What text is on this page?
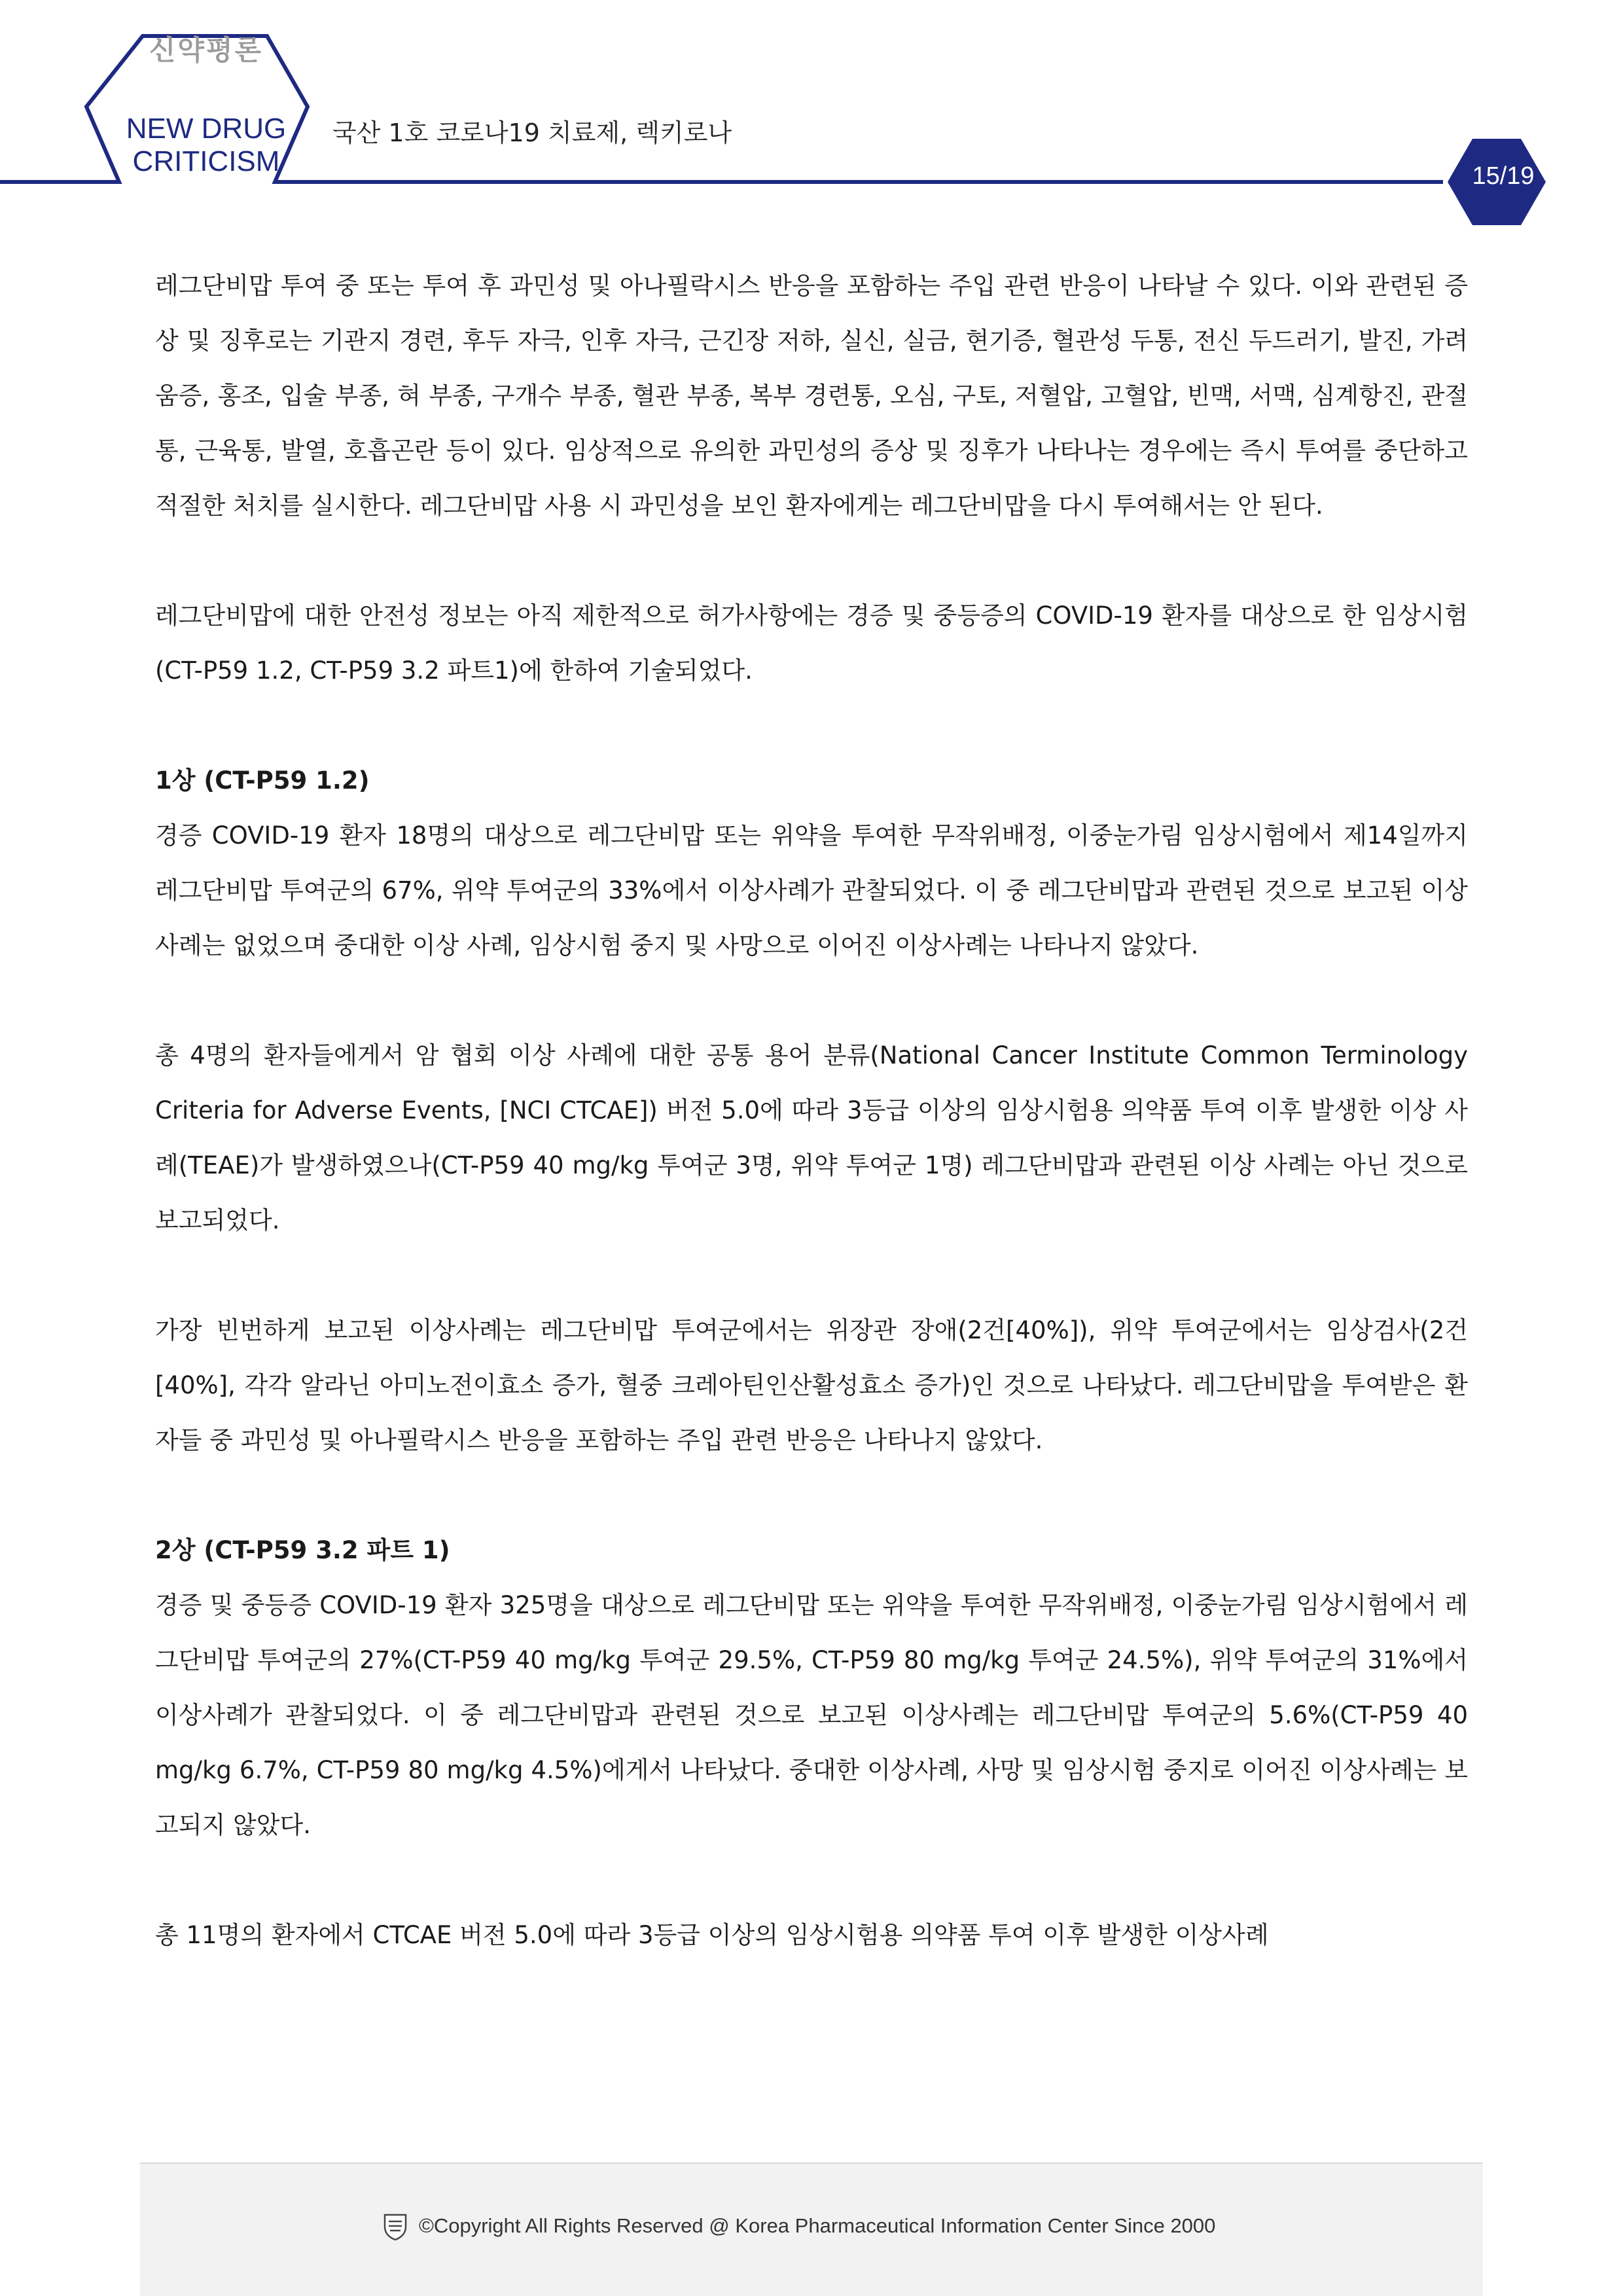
신약평론
NEW DRUG
CRITICISM
국산 1호 코로나19 치료제, 렉키로나
15/19

레그단비맙 투여 중 또는 투여 후 과민성 및 아나필락시스 반응을 포함하는 주입 관련 반응이 나타날 수 있다. 이와 관련된 증상 및 징후로는 기관지 경련, 후두 자극, 인후 자극, 근긴장 저하, 실신, 실금, 현기증, 혈관성 두통, 전신 두드러기, 발진, 가려움증, 홍조, 입술 부종, 혀 부종, 구개수 부종, 혈관 부종, 복부 경련통, 오심, 구토, 저혈압, 고혈압, 빈맥, 서맥, 심계항진, 관절통, 근육통, 발열, 호흡곤란 등이 있다. 임상적으로 유의한 과민성의 증상 및 징후가 나타나는 경우에는 즉시 투여를 중단하고 적절한 처치를 실시한다. 레그단비맙 사용 시 과민성을 보인 환자에게는 레그단비맙을 다시 투여해서는 안 된다.

레그단비맙에 대한 안전성 정보는 아직 제한적으로 허가사항에는 경증 및 중등증의 COVID-19 환자를 대상으로 한 임상시험(CT-P59 1.2, CT-P59 3.2 파트1)에 한하여 기술되었다.

1상 (CT-P59 1.2)

경증 COVID-19 환자 18명의 대상으로 레그단비맙 또는 위약을 투여한 무작위배정, 이중눈가림 임상시험에서 제14일까지 레그단비맙 투여군의 67%, 위약 투여군의 33%에서 이상사례가 관찰되었다. 이 중 레그단비맙과 관련된 것으로 보고된 이상사례는 없었으며 중대한 이상 사례, 임상시험 중지 및 사망으로 이어진 이상사례는 나타나지 않았다.

총 4명의 환자들에게서 암 협회 이상 사례에 대한 공통 용어 분류(National Cancer Institute Common Terminology Criteria for Adverse Events, [NCI CTCAE]) 버전 5.0에 따라 3등급 이상의 임상시험용 의약품 투여 이후 발생한 이상 사례(TEAE)가 발생하였으나(CT-P59 40 mg/kg 투여군 3명, 위약 투여군 1명) 레그단비맙과 관련된 이상 사례는 아닌 것으로 보고되었다.

가장 빈번하게 보고된 이상사례는 레그단비맙 투여군에서는 위장관 장애(2건[40%]), 위약 투여군에서는 임상검사(2건[40%], 각각 알라닌 아미노전이효소 증가, 혈중 크레아틴인산활성효소 증가)인 것으로 나타났다. 레그단비맙을 투여받은 환자들 중 과민성 및 아나필락시스 반응을 포함하는 주입 관련 반응은 나타나지 않았다.

2상 (CT-P59 3.2 파트 1)

경증 및 중등증 COVID-19 환자 325명을 대상으로 레그단비맙 또는 위약을 투여한 무작위배정, 이중눈가림 임상시험에서 레그단비맙 투여군의 27%(CT-P59 40 mg/kg 투여군 29.5%, CT-P59 80 mg/kg 투여군 24.5%), 위약 투여군의 31%에서 이상사례가 관찰되었다. 이 중 레그단비맙과 관련된 것으로 보고된 이상사례는 레그단비맙 투여군의 5.6%(CT-P59 40 mg/kg 6.7%, CT-P59 80 mg/kg 4.5%)에게서 나타났다. 중대한 이상사례, 사망 및 임상시험 중지로 이어진 이상사례는 보고되지 않았다.

총 11명의 환자에서 CTCAE 버전 5.0에 따라 3등급 이상의 임상시험용 의약품 투여 이후 발생한 이상사례

©Copyright All Rights Reserved @ Korea Pharmaceutical Information Center Since 2000
